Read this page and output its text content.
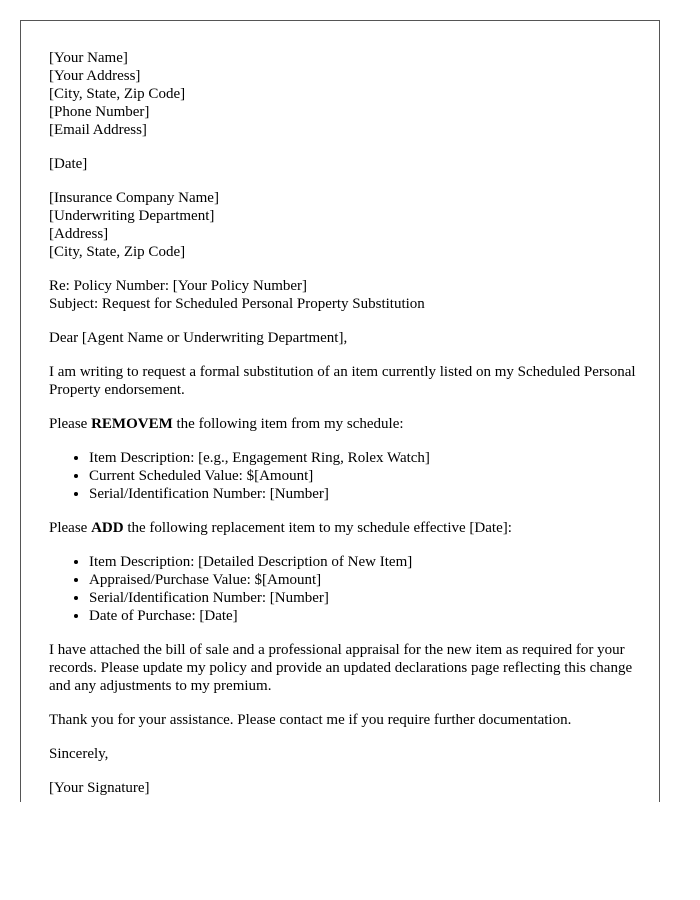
[Your Name]
[Your Address]
[City, State, Zip Code]
[Phone Number]
[Email Address]

[Date]

[Insurance Company Name]
[Underwriting Department]
[Address]
[City, State, Zip Code]
Re: Policy Number: [Your Policy Number]
Subject: Request for Scheduled Personal Property Substitution

Dear [Agent Name or Underwriting Department],

I am writing to request a formal substitution of an item currently listed on my Scheduled Personal Property endorsement.

Please REMOVEM the following item from my schedule:

• Item Description: [e.g., Engagement Ring, Rolex Watch]
• Current Scheduled Value: $[Amount]
• Serial/Identification Number: [Number]

Please ADD the following replacement item to my schedule effective [Date]:

• Item Description: [Detailed Description of New Item]
• Appraised/Purchase Value: $[Amount]
• Serial/Identification Number: [Number]
• Date of Purchase: [Date]

I have attached the bill of sale and a professional appraisal for the new item as required for your records. Please update my policy and provide an updated declarations page reflecting this change and any adjustments to my premium.

Thank you for your assistance. Please contact me if you require further documentation.

Sincerely,

[Your Signature]
